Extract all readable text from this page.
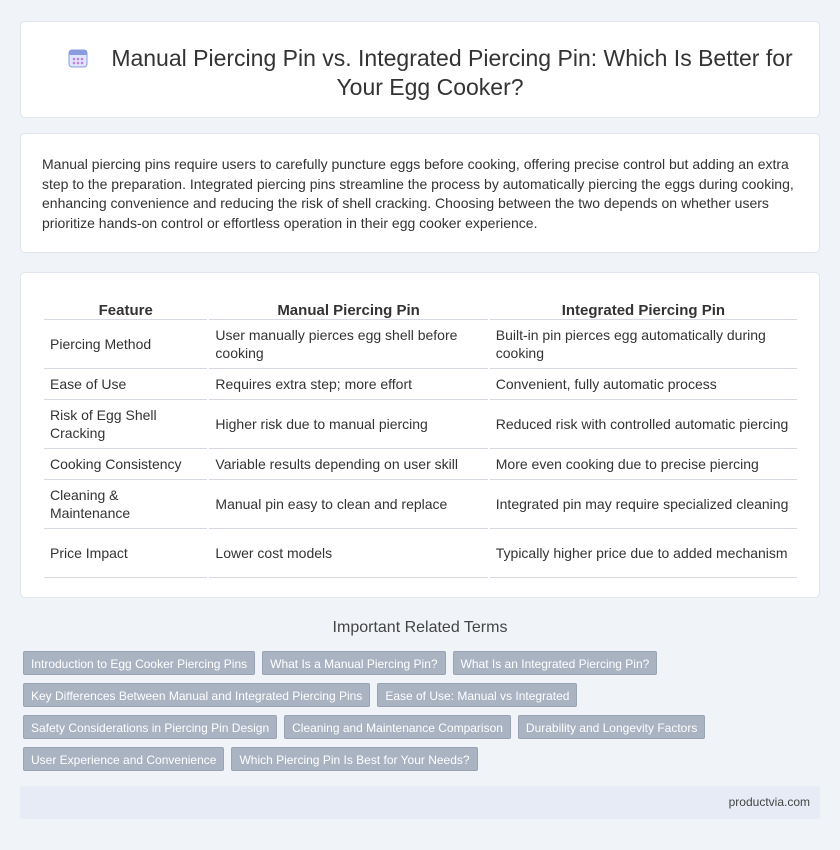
Manual Piercing Pin vs. Integrated Piercing Pin: Which Is Better for Your Egg Cooker?

Manual piercing pins require users to carefully puncture eggs before cooking, offering precise control but adding an extra step to the preparation. Integrated piercing pins streamline the process by automatically piercing the eggs during cooking, enhancing convenience and reducing the risk of shell cracking. Choosing between the two depends on whether users prioritize hands-on control or effortless operation in their egg cooker experience.

Feature	Manual Piercing Pin	Integrated Piercing Pin
Piercing Method	User manually pierces egg shell before cooking	Built-in pin pierces egg automatically during cooking
Ease of Use	Requires extra step; more effort	Convenient, fully automatic process
Risk of Egg Shell Cracking	Higher risk due to manual piercing	Reduced risk with controlled automatic piercing
Cooking Consistency	Variable results depending on user skill	More even cooking due to precise piercing
Cleaning & Maintenance	Manual pin easy to clean and replace	Integrated pin may require specialized cleaning
Price Impact	Lower cost models	Typically higher price due to added mechanism
Important Related Terms
Introduction to Egg Cooker Piercing Pins	What Is a Manual Piercing Pin?	What Is an Integrated Piercing Pin?
Key Differences Between Manual and Integrated Piercing Pins	Ease of Use: Manual vs Integrated
Safety Considerations in Piercing Pin Design	Cleaning and Maintenance Comparison	Durability and Longevity Factors
User Experience and Convenience	Which Piercing Pin Is Best for Your Needs?
productvia.com
